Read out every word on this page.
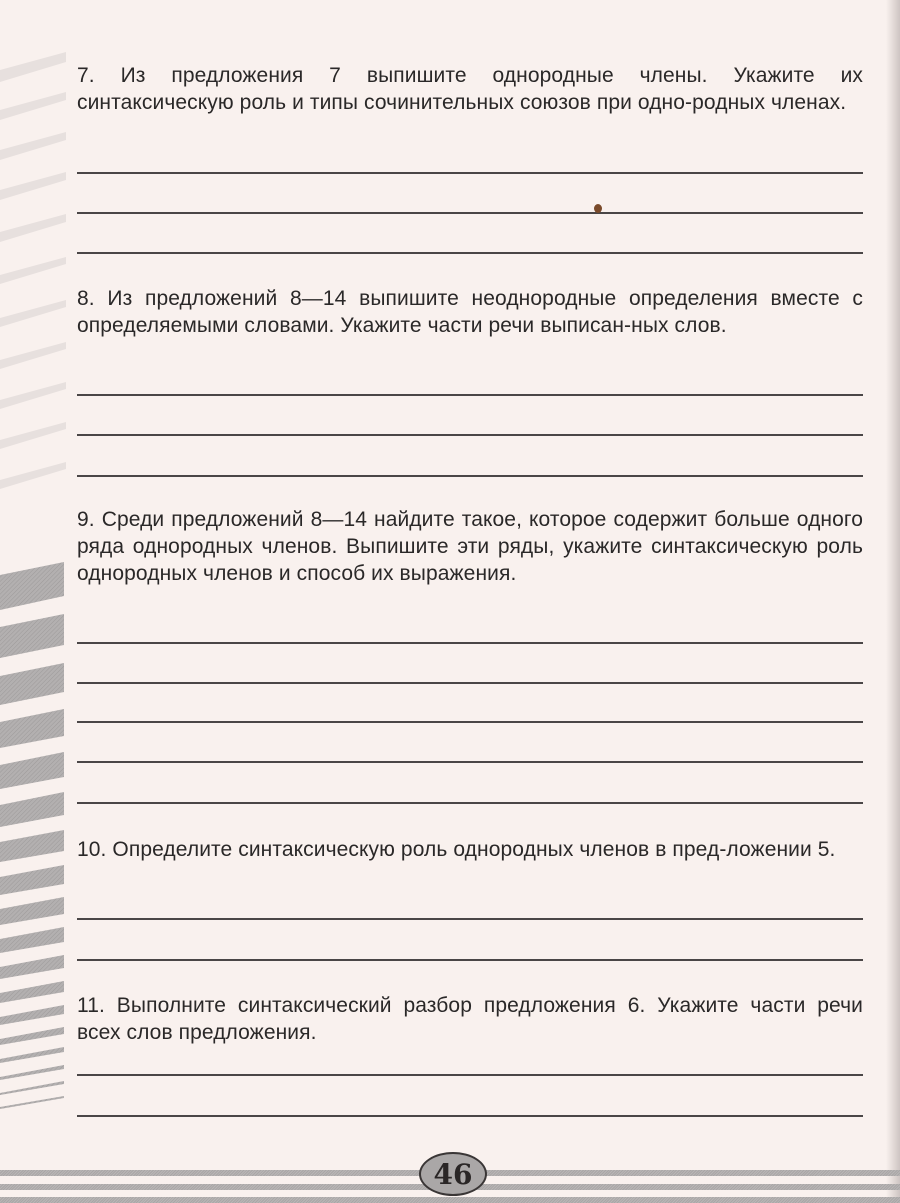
7. Из предложения 7 выпишите однородные члены. Укажите их синтаксическую роль и типы сочинительных союзов при одно-родных членах.

8. Из предложений 8—14 выпишите неоднородные определения вместе с определяемыми словами. Укажите части речи выписан-ных слов.

9. Среди предложений 8—14 найдите такое, которое содержит больше одного ряда однородных членов. Выпишите эти ряды, укажите синтаксическую роль однородных членов и способ их выражения.

10. Определите синтаксическую роль однородных членов в пред-ложении 5.

11. Выполните синтаксический разбор предложения 6. Укажите части речи всех слов предложения.

46
